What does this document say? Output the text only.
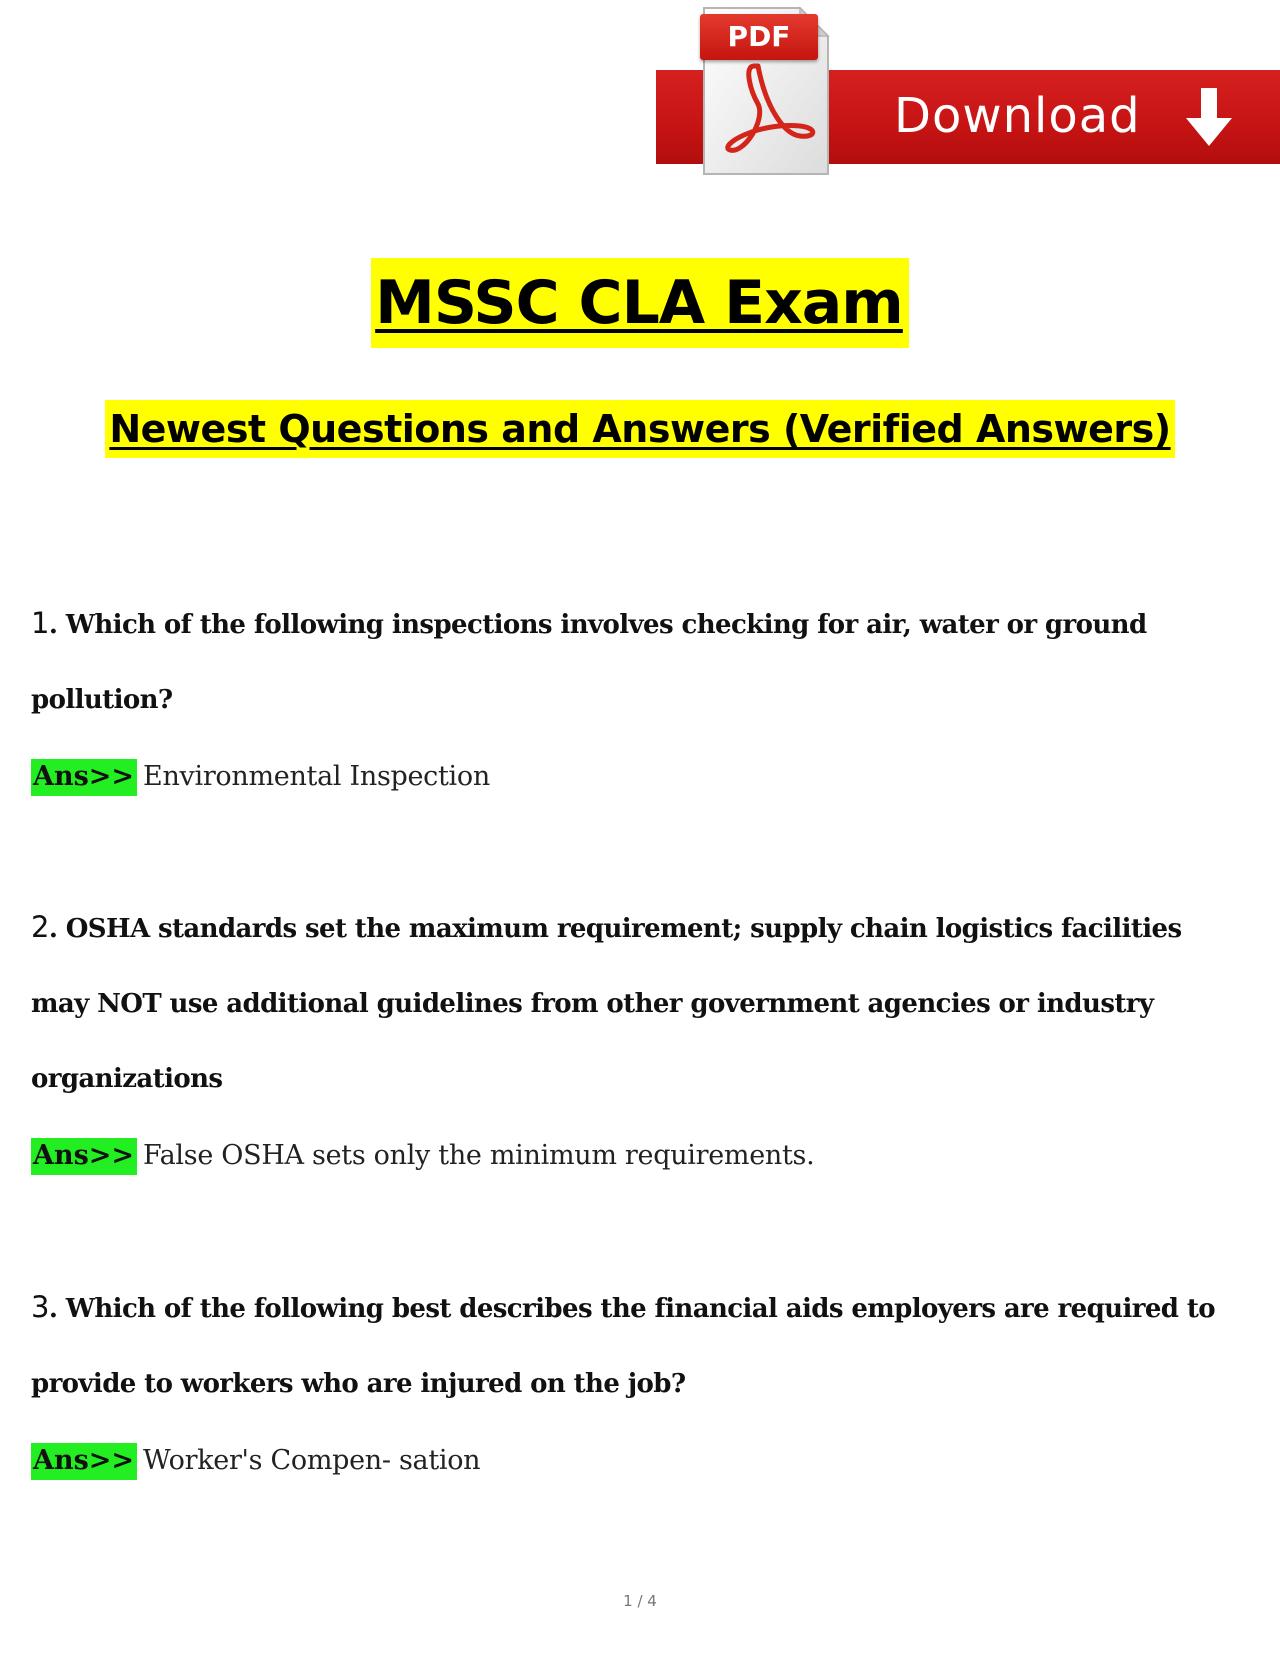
Download
PDF
MSSC CLA Exam
Newest Questions and Answers (Verified Answers)
1. Which of the following inspections involves checking for air, water or ground
pollution?
Ans>> Environmental Inspection
2. OSHA standards set the maximum requirement; supply chain logistics facilities
may NOT use additional guidelines from other government agencies or industry
organizations
Ans>> False OSHA sets only the minimum requirements.
3. Which of the following best describes the financial aids employers are required to
provide to workers who are injured on the job?
Ans>> Worker's Compen- sation
1 / 4
